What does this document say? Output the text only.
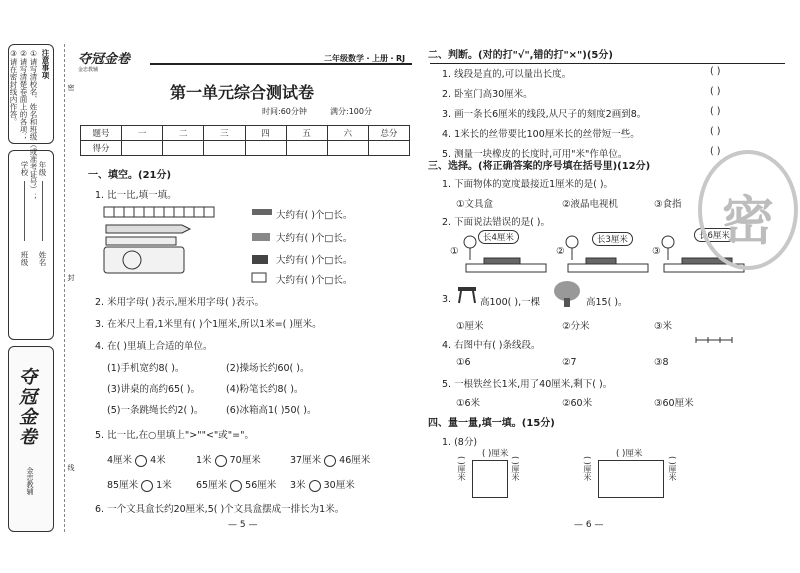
注意事项
①请写清校名、姓名和班级（或准考证号）；
②请写清楚卷面上的各项；
③请在密封线内作答。
年级
姓名
学校
班级
夺冠金卷
金忠教辅
密
封
线
夺冠金卷
金忠教辅
二年级数学・上册・RJ
第一单元综合测试卷
时间:60分钟	满分:100分
题号	一	二	三	四	五	六	总分
得分							
一、填空。(21分)
1. 比一比,填一填。
大约有( )个□长。
大约有( )个□长。
大约有( )个□长。
大约有( )个□长。
2. 米用字母( )表示,厘米用字母( )表示。
3. 在米尺上看,1米里有( )个1厘米,所以1米=( )厘米。
4. 在( )里填上合适的单位。
(1)手机宽约8( )。	(2)操场长约60( )。
(3)讲桌的高约65( )。	(4)粉笔长约8( )。
(5)一条跳绳长约2( )。 (6)冰箱高1( )50( )。
5. 比一比,在○里填上">""<"或"="。
4厘米 4米	1米 70厘米	37厘米 46厘米
85厘米 1米	65厘米 56厘米 3米 30厘米
6. 一个文具盒长约20厘米,5( )个文具盒摆成一排长为1米。
— 5 —
二、判断。(对的打"√",错的打"×")(5分)
1. 线段是直的,可以量出长度。
2. 卧室门高30厘米。
3. 画一条长6厘米的线段,从尺子的刻度2画到8。
4. 1米长的丝带要比100厘米长的丝带短一些。
5. 测量一块橡皮的长度时,可用"米"作单位。
( )
( )
( )
( )
( )
三、选择。(将正确答案的序号填在括号里)(12分)
1. 下面物体的宽度最接近1厘米的是( )。
①文具盒	②液晶电视机	③食指
2. 下面说法错误的是( )。
长4厘米	长3厘米	长6厘米
①	②	③
3.	高100( ),一棵	高15( )。
①厘米	②分米	③米
4. 右图中有( )条线段。
①6	②7	③8
5. 一根铁丝长1米,用了40厘米,剩下( )。
①6米	②60米	③60厘米
四、量一量,填一填。(15分)
1. (8分)
( )厘米
( )厘米	( )厘米
( )厘米
( )厘米	( )厘米
— 6 —
密
